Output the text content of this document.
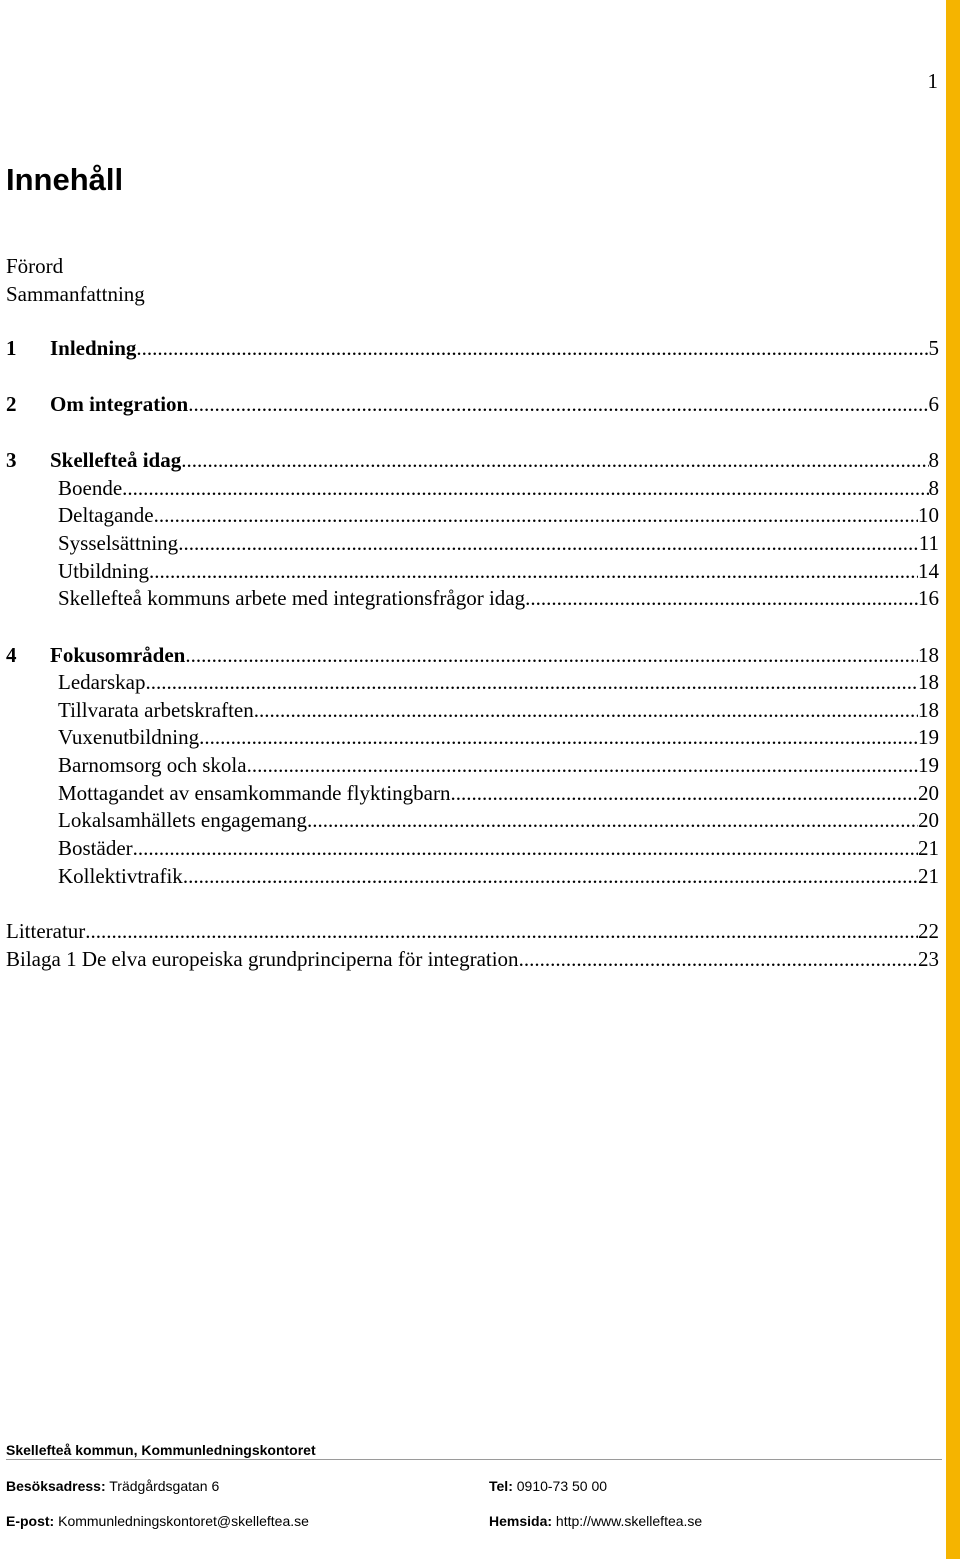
1
Innehåll
Förord
Sammanfattning
1	Inledning .....	5
2	Om integration .....	6
3	Skellefteå idag .....	8
Boende .....	8
Deltagande .....	10
Sysselsättning .....	11
Utbildning .....	14
Skellefteå kommuns arbete med integrationsfrågor idag .....	16
4	Fokusområden .....	18
Ledarskap .....	18
Tillvarata arbetskraften .....	18
Vuxenutbildning .....	19
Barnomsorg och skola .....	19
Mottagandet av ensamkommande flyktingbarn .....	20
Lokalsamhällets engagemang .....	20
Bostäder .....	21
Kollektivtrafik .....	21
Litteratur .....	22
Bilaga 1 De elva europeiska grundprinciperna för integration .....	23
Skellefteå kommun, Kommunledningskontoret
Besöksadress: Trädgårdsgatan 6	Tel: 0910-73 50 00
E-post: Kommunledningskontoret@skelleftea.se	Hemsida: http://www.skelleftea.se
